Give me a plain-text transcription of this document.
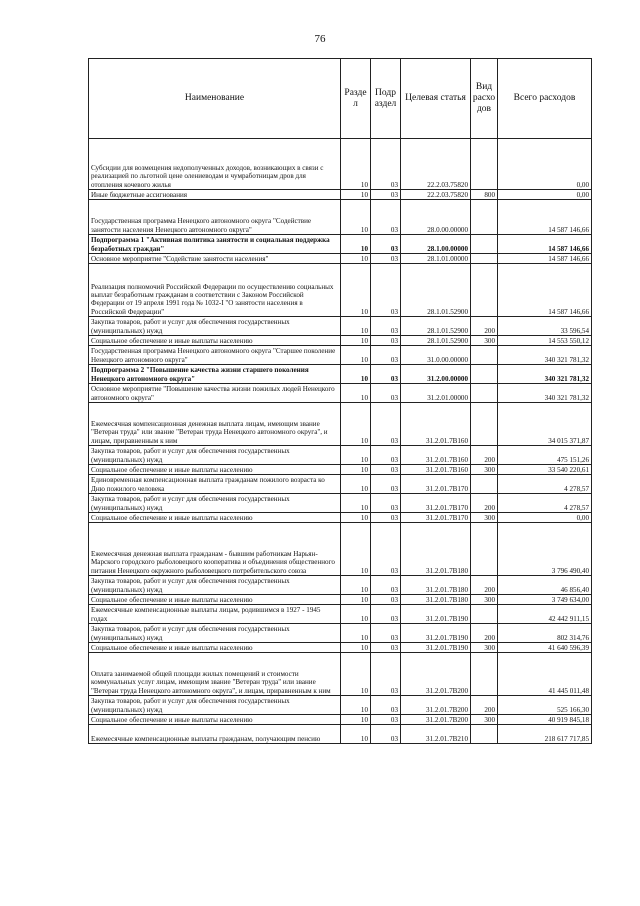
76
Наименование	Разде л	Подр аздел	Целевая статья	Вид расхо дов	Всего расходов
Субсидии для возмещения недополученных доходов, возникающих в связи с реализацией по льготной цене олениеводам и чумработницам дров для отопления кочевого жилья	10	03	22.2.03.75820		0,00
Иные бюджетные ассигнования	10	03	22.2.03.75820	800	0,00
Государственная программа Ненецкого автономного округа "Содействие занятости населения Ненецкого автономного округа"	10	03	28.0.00.00000		14 587 146,66
Подпрограмма 1 "Активная политика занятости и социальная поддержка безработных граждан"	10	03	28.1.00.00000		14 587 146,66
Основное мероприятие "Содействие занятости населения"	10	03	28.1.01.00000		14 587 146,66
Реализация полномочий Российской Федерации по осуществлению социальных выплат безработным гражданам в соответствии с Законом Российской Федерации от 19 апреля 1991 года № 1032-I "О занятости населения в Российской Федерации"	10	03	28.1.01.52900		14 587 146,66
Закупка товаров, работ и услуг для обеспечения государственных (муниципальных) нужд	10	03	28.1.01.52900	200	33 596,54
Социальное обеспечение и иные выплаты населению	10	03	28.1.01.52900	300	14 553 550,12
Государственная программа Ненецкого автономного округа "Старшее поколение Ненецкого автономного округа"	10	03	31.0.00.00000		340 321 781,32
Подпрограмма 2 "Повышение качества жизни старшего поколения Ненецкого автономного округа"	10	03	31.2.00.00000		340 321 781,32
Основное мероприятие "Повышение качества жизни пожилых людей Ненецкого автономного округа"	10	03	31.2.01.00000		340 321 781,32
Ежемесячная компенсационная денежная выплата лицам, имеющим звание "Ветеран труда" или звание "Ветеран труда Ненецкого автономного округа", и лицам, приравненным к ним	10	03	31.2.01.7В160		34 015 371,87
Закупка товаров, работ и услуг для обеспечения государственных (муниципальных) нужд	10	03	31.2.01.7В160	200	475 151,26
Социальное обеспечение и иные выплаты населению	10	03	31.2.01.7В160	300	33 540 220,61
Единовременная компенсационная выплата гражданам пожилого возраста ко Дню пожилого человека	10	03	31.2.01.7В170		4 278,57
Закупка товаров, работ и услуг для обеспечения государственных (муниципальных) нужд	10	03	31.2.01.7В170	200	4 278,57
Социальное обеспечение и иные выплаты населению	10	03	31.2.01.7В170	300	0,00
Ежемесячная денежная выплата гражданам - бывшим работникам Нарьян-Марского городского рыболовецкого кооператива и объединения общественного питания Ненецкого окружного рыболовецкого потребительского союза	10	03	31.2.01.7В180		3 796 490,40
Закупка товаров, работ и услуг для обеспечения государственных (муниципальных) нужд	10	03	31.2.01.7В180	200	46 856,40
Социальное обеспечение и иные выплаты населению	10	03	31.2.01.7В180	300	3 749 634,00
Ежемесячные компенсационные выплаты лицам, родившимся в 1927 - 1945 годах	10	03	31.2.01.7В190		42 442 911,15
Закупка товаров, работ и услуг для обеспечения государственных (муниципальных) нужд	10	03	31.2.01.7В190	200	802 314,76
Социальное обеспечение и иные выплаты населению	10	03	31.2.01.7В190	300	41 640 596,39
Оплата занимаемой общей площади жилых помещений и стоимости коммунальных услуг лицам, имеющим звание "Ветеран труда" или звание "Ветеран труда Ненецкого автономного округа", и лицам, приравненным к ним	10	03	31.2.01.7В200		41 445 011,48
Закупка товаров, работ и услуг для обеспечения государственных (муниципальных) нужд	10	03	31.2.01.7В200	200	525 166,30
Социальное обеспечение и иные выплаты населению	10	03	31.2.01.7В200	300	40 919 845,18
Ежемесячные компенсационные выплаты гражданам, получающим пенсию	10	03	31.2.01.7В210		218 617 717,85
